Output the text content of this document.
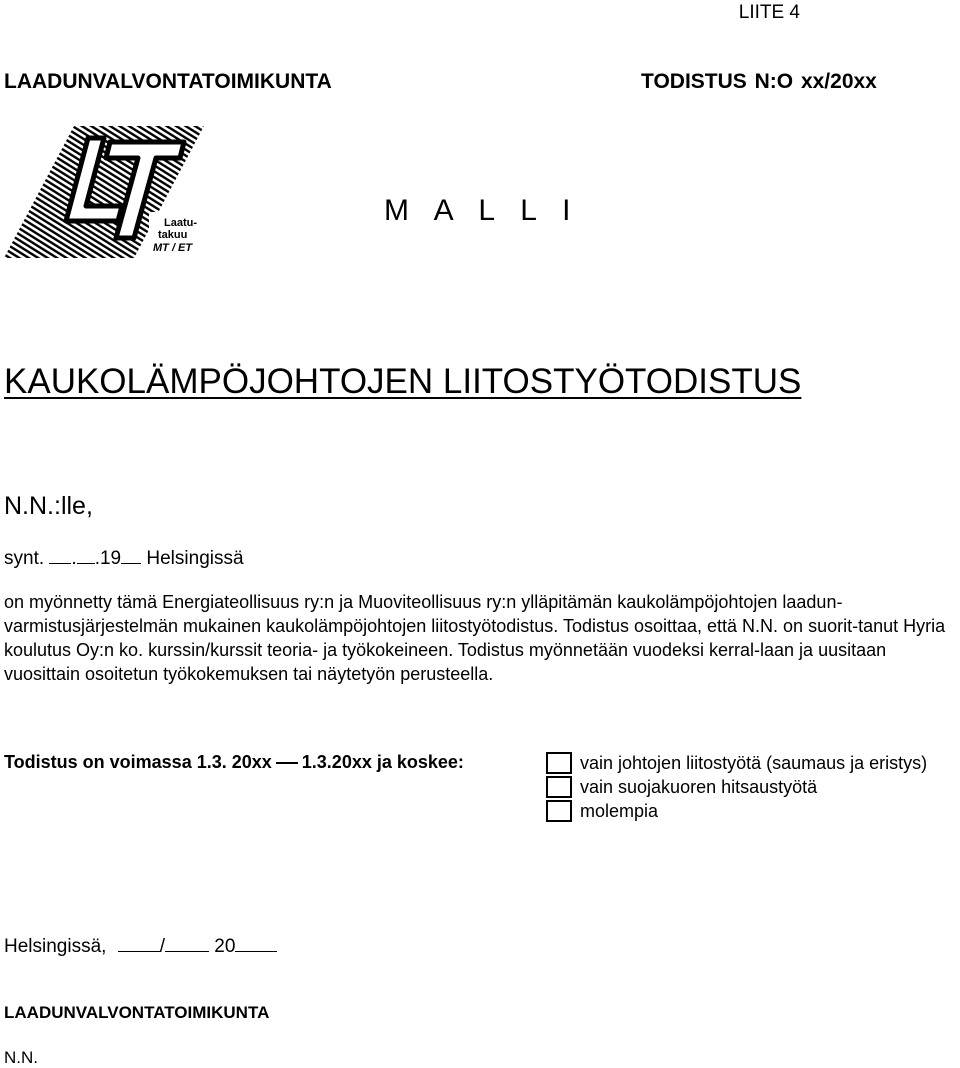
LIITE 4
LAADUNVALVONTATOIMIKUNTA	TODISTUS N:O xx/20xx
Laatu-
takuu
MT / ET
M A L L I
KAUKOLÄMPÖJOHTOJEN LIITOSTYÖTODISTUS
N.N.:lle,
synt. . .19 Helsingissä
on myönnetty tämä Energiateollisuus ry:n ja Muoviteollisuus ry:n ylläpitämän kaukolämpöjohtojen laadun-varmistusjärjestelmän mukainen kaukolämpöjohtojen liitostyötodistus. Todistus osoittaa, että N.N. on suorit-tanut Hyria koulutus Oy:n ko. kurssin/kurssit teoria- ja työkokeineen. Todistus myönnetään vuodeksi kerral-laan ja uusitaan vuosittain osoitetun työkokemuksen tai näytetyön perusteella.
Todistus on voimassa 1.3. 20xx 1.3.20xx ja koskee:	vain johtojen liitostyötä (saumaus ja eristys)
vain suojakuoren hitsaustyötä
molempia
Helsingissä,	/	20
LAADUNVALVONTATOIMIKUNTA
N.N.
